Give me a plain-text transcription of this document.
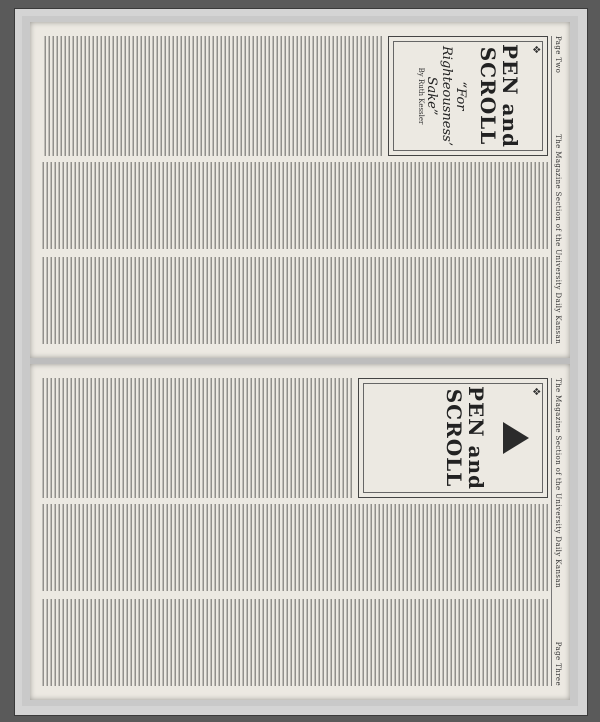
Page Two
The Magazine Section of the University Daily Kansan
❖
PEN and SCROLL
“For Righteousness’ Sake”
By Ruth Kessler
The Magazine Section of the University Daily Kansan
Page Three
❖
PEN and SCROLL
